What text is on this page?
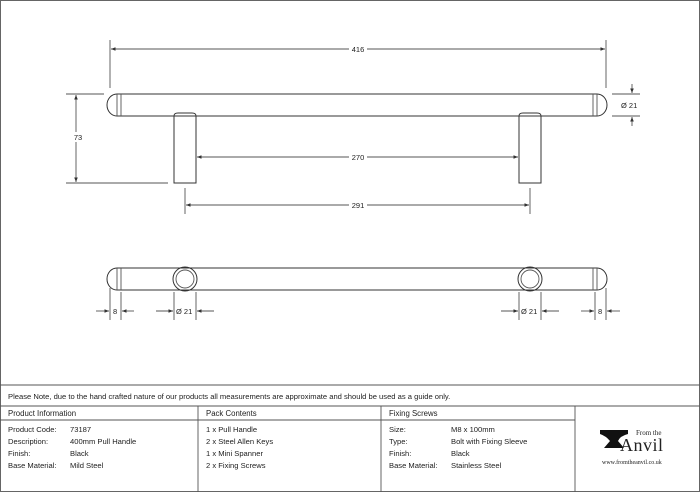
416
73
Ø 21
270
291
8	Ø 21	Ø 21	8
Please Note, due to the hand crafted nature of our products all measurements are approximate and should be used as a guide only.
Product Information	Pack Contents	Fixing Screws
Product Code: 73187
Description:	400mm Pull Handle
Finish:	Black
Base Material: Mild Steel
1 x Pull Handle
2 x Steel Allen Keys
1 x Mini Spanner
2 x Fixing Screws
Size:	M8 x 100mm
Type:	Bolt with Fixing Sleeve
Finish:	Black
Base Material: Stainless Steel
From the
Anvil
www.fromtheanvil.co.uk
